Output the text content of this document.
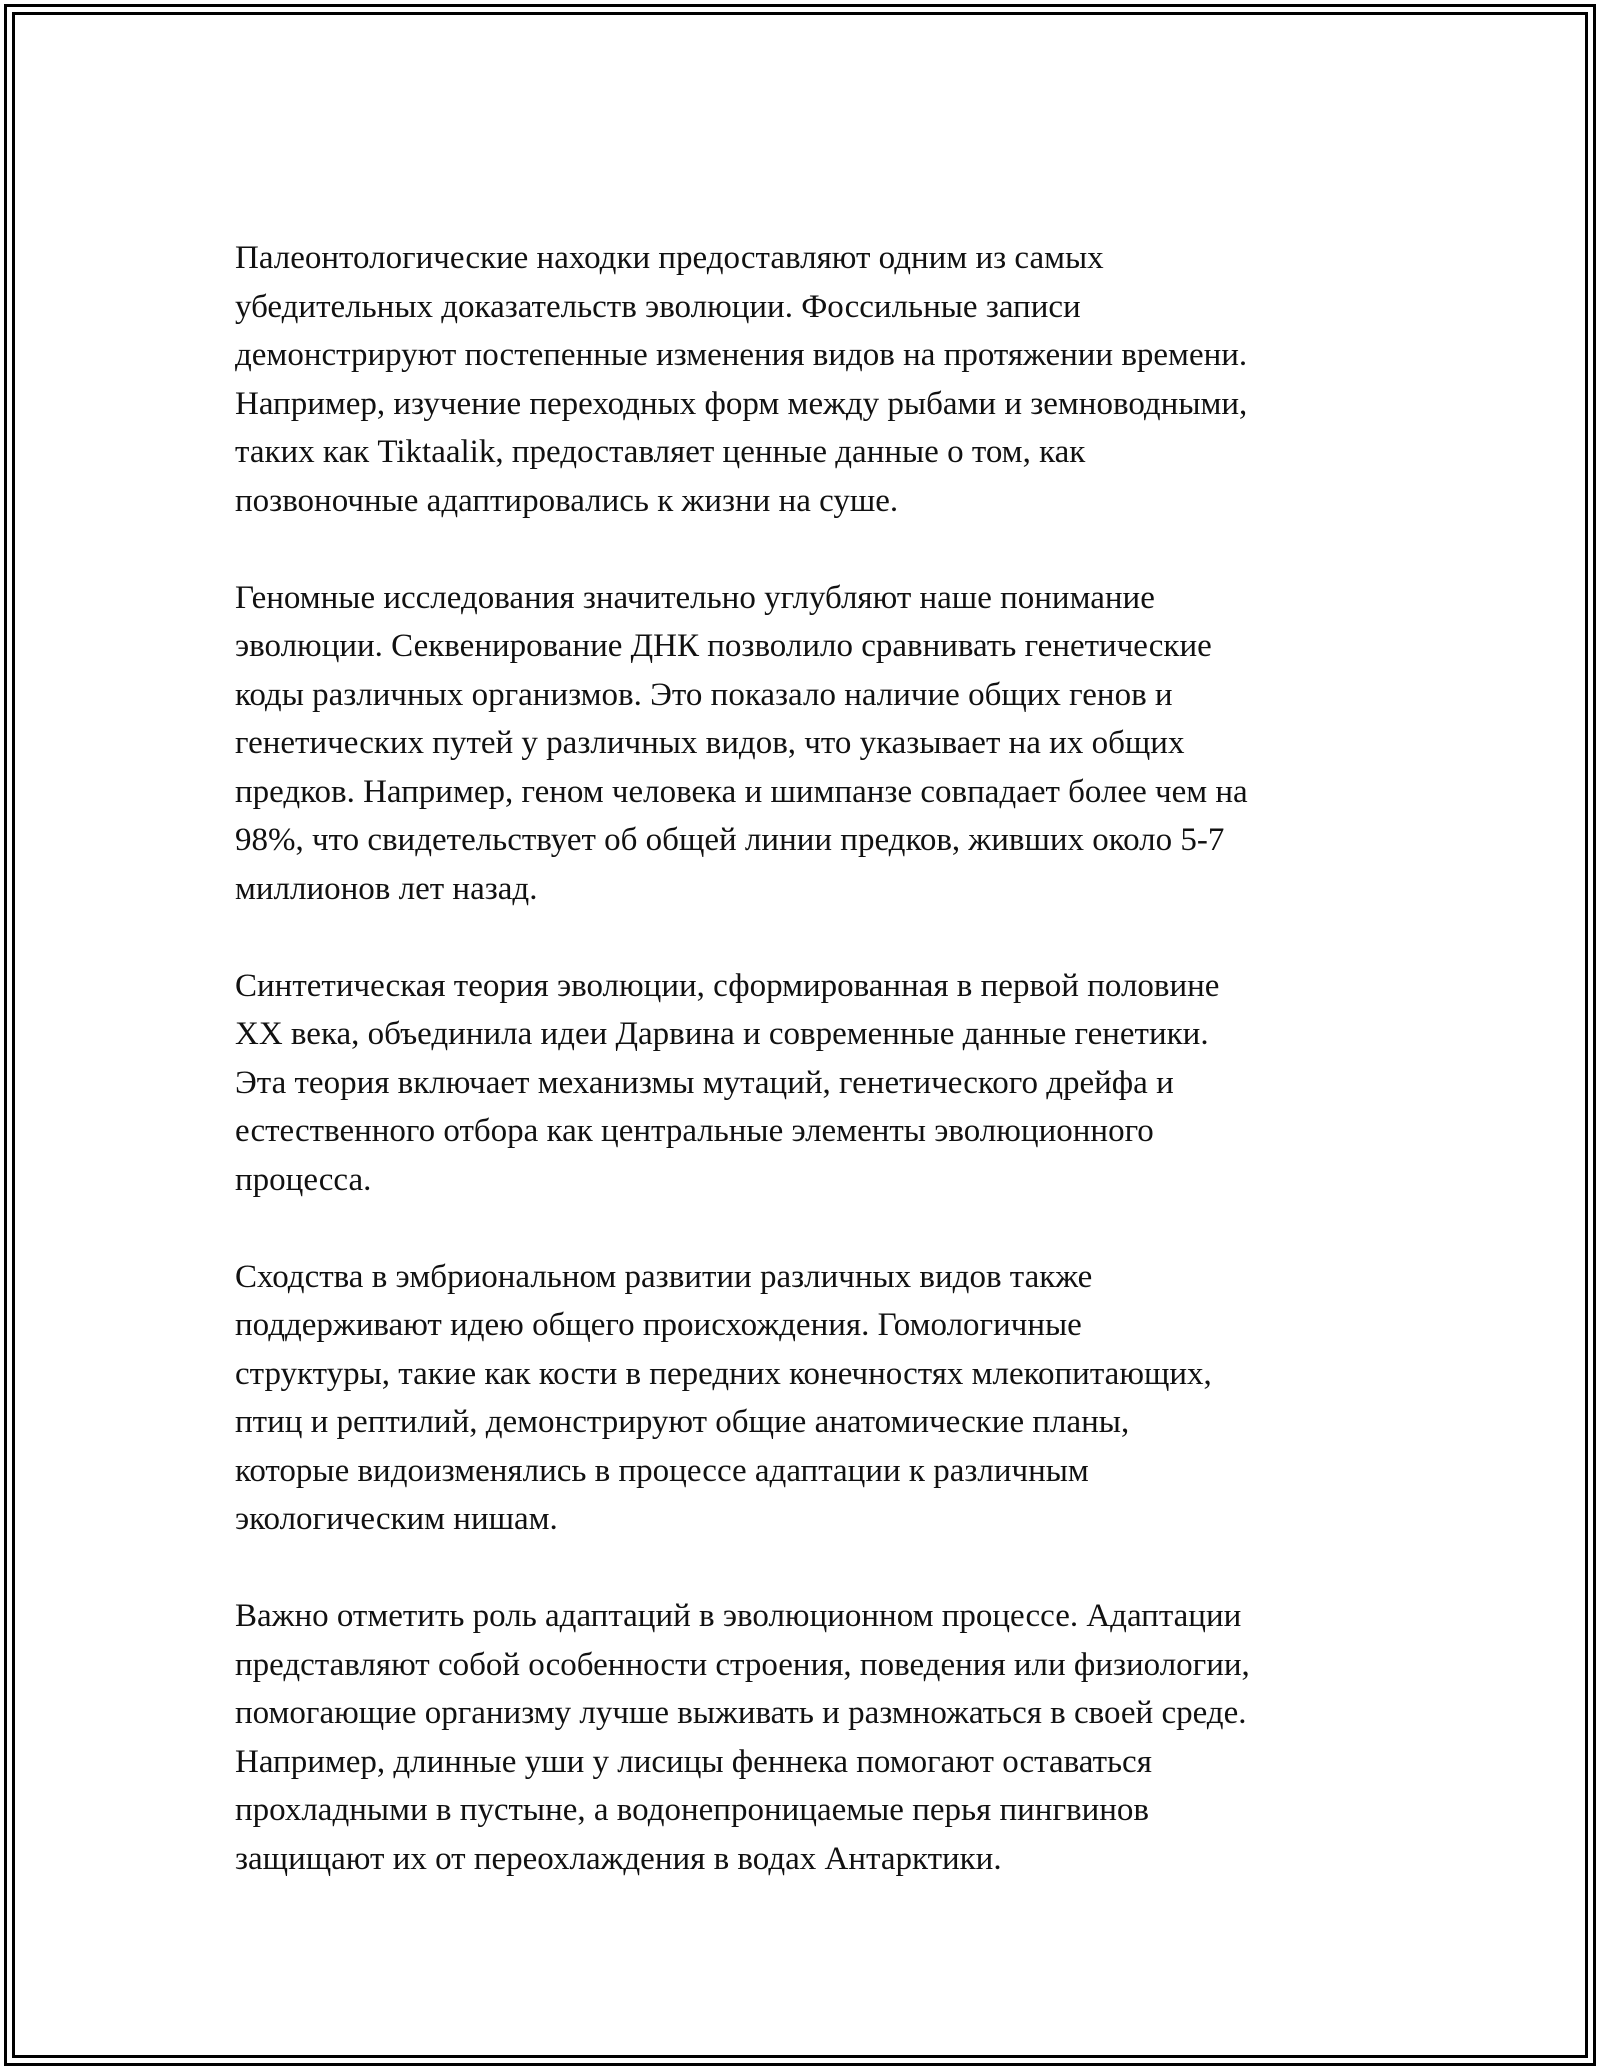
Палеонтологические находки предоставляют одним из самых
убедительных доказательств эволюции. Фоссильные записи
демонстрируют постепенные изменения видов на протяжении времени.
Например, изучение переходных форм между рыбами и земноводными,
таких как Tiktaalik, предоставляет ценные данные о том, как
позвоночные адаптировались к жизни на суше.

Геномные исследования значительно углубляют наше понимание
эволюции. Секвенирование ДНК позволило сравнивать генетические
коды различных организмов. Это показало наличие общих генов и
генетических путей у различных видов, что указывает на их общих
предков. Например, геном человека и шимпанзе совпадает более чем на
98%, что свидетельствует об общей линии предков, живших около 5-7
миллионов лет назад.

Синтетическая теория эволюции, сформированная в первой половине
XX века, объединила идеи Дарвина и современные данные генетики.
Эта теория включает механизмы мутаций, генетического дрейфа и
естественного отбора как центральные элементы эволюционного
процесса.

Сходства в эмбриональном развитии различных видов также
поддерживают идею общего происхождения. Гомологичные
структуры, такие как кости в передних конечностях млекопитающих,
птиц и рептилий, демонстрируют общие анатомические планы,
которые видоизменялись в процессе адаптации к различным
экологическим нишам.

Важно отметить роль адаптаций в эволюционном процессе. Адаптации
представляют собой особенности строения, поведения или физиологии,
помогающие организму лучше выживать и размножаться в своей среде.
Например, длинные уши у лисицы феннека помогают оставаться
прохладными в пустыне, а водонепроницаемые перья пингвинов
защищают их от переохлаждения в водах Антарктики.
